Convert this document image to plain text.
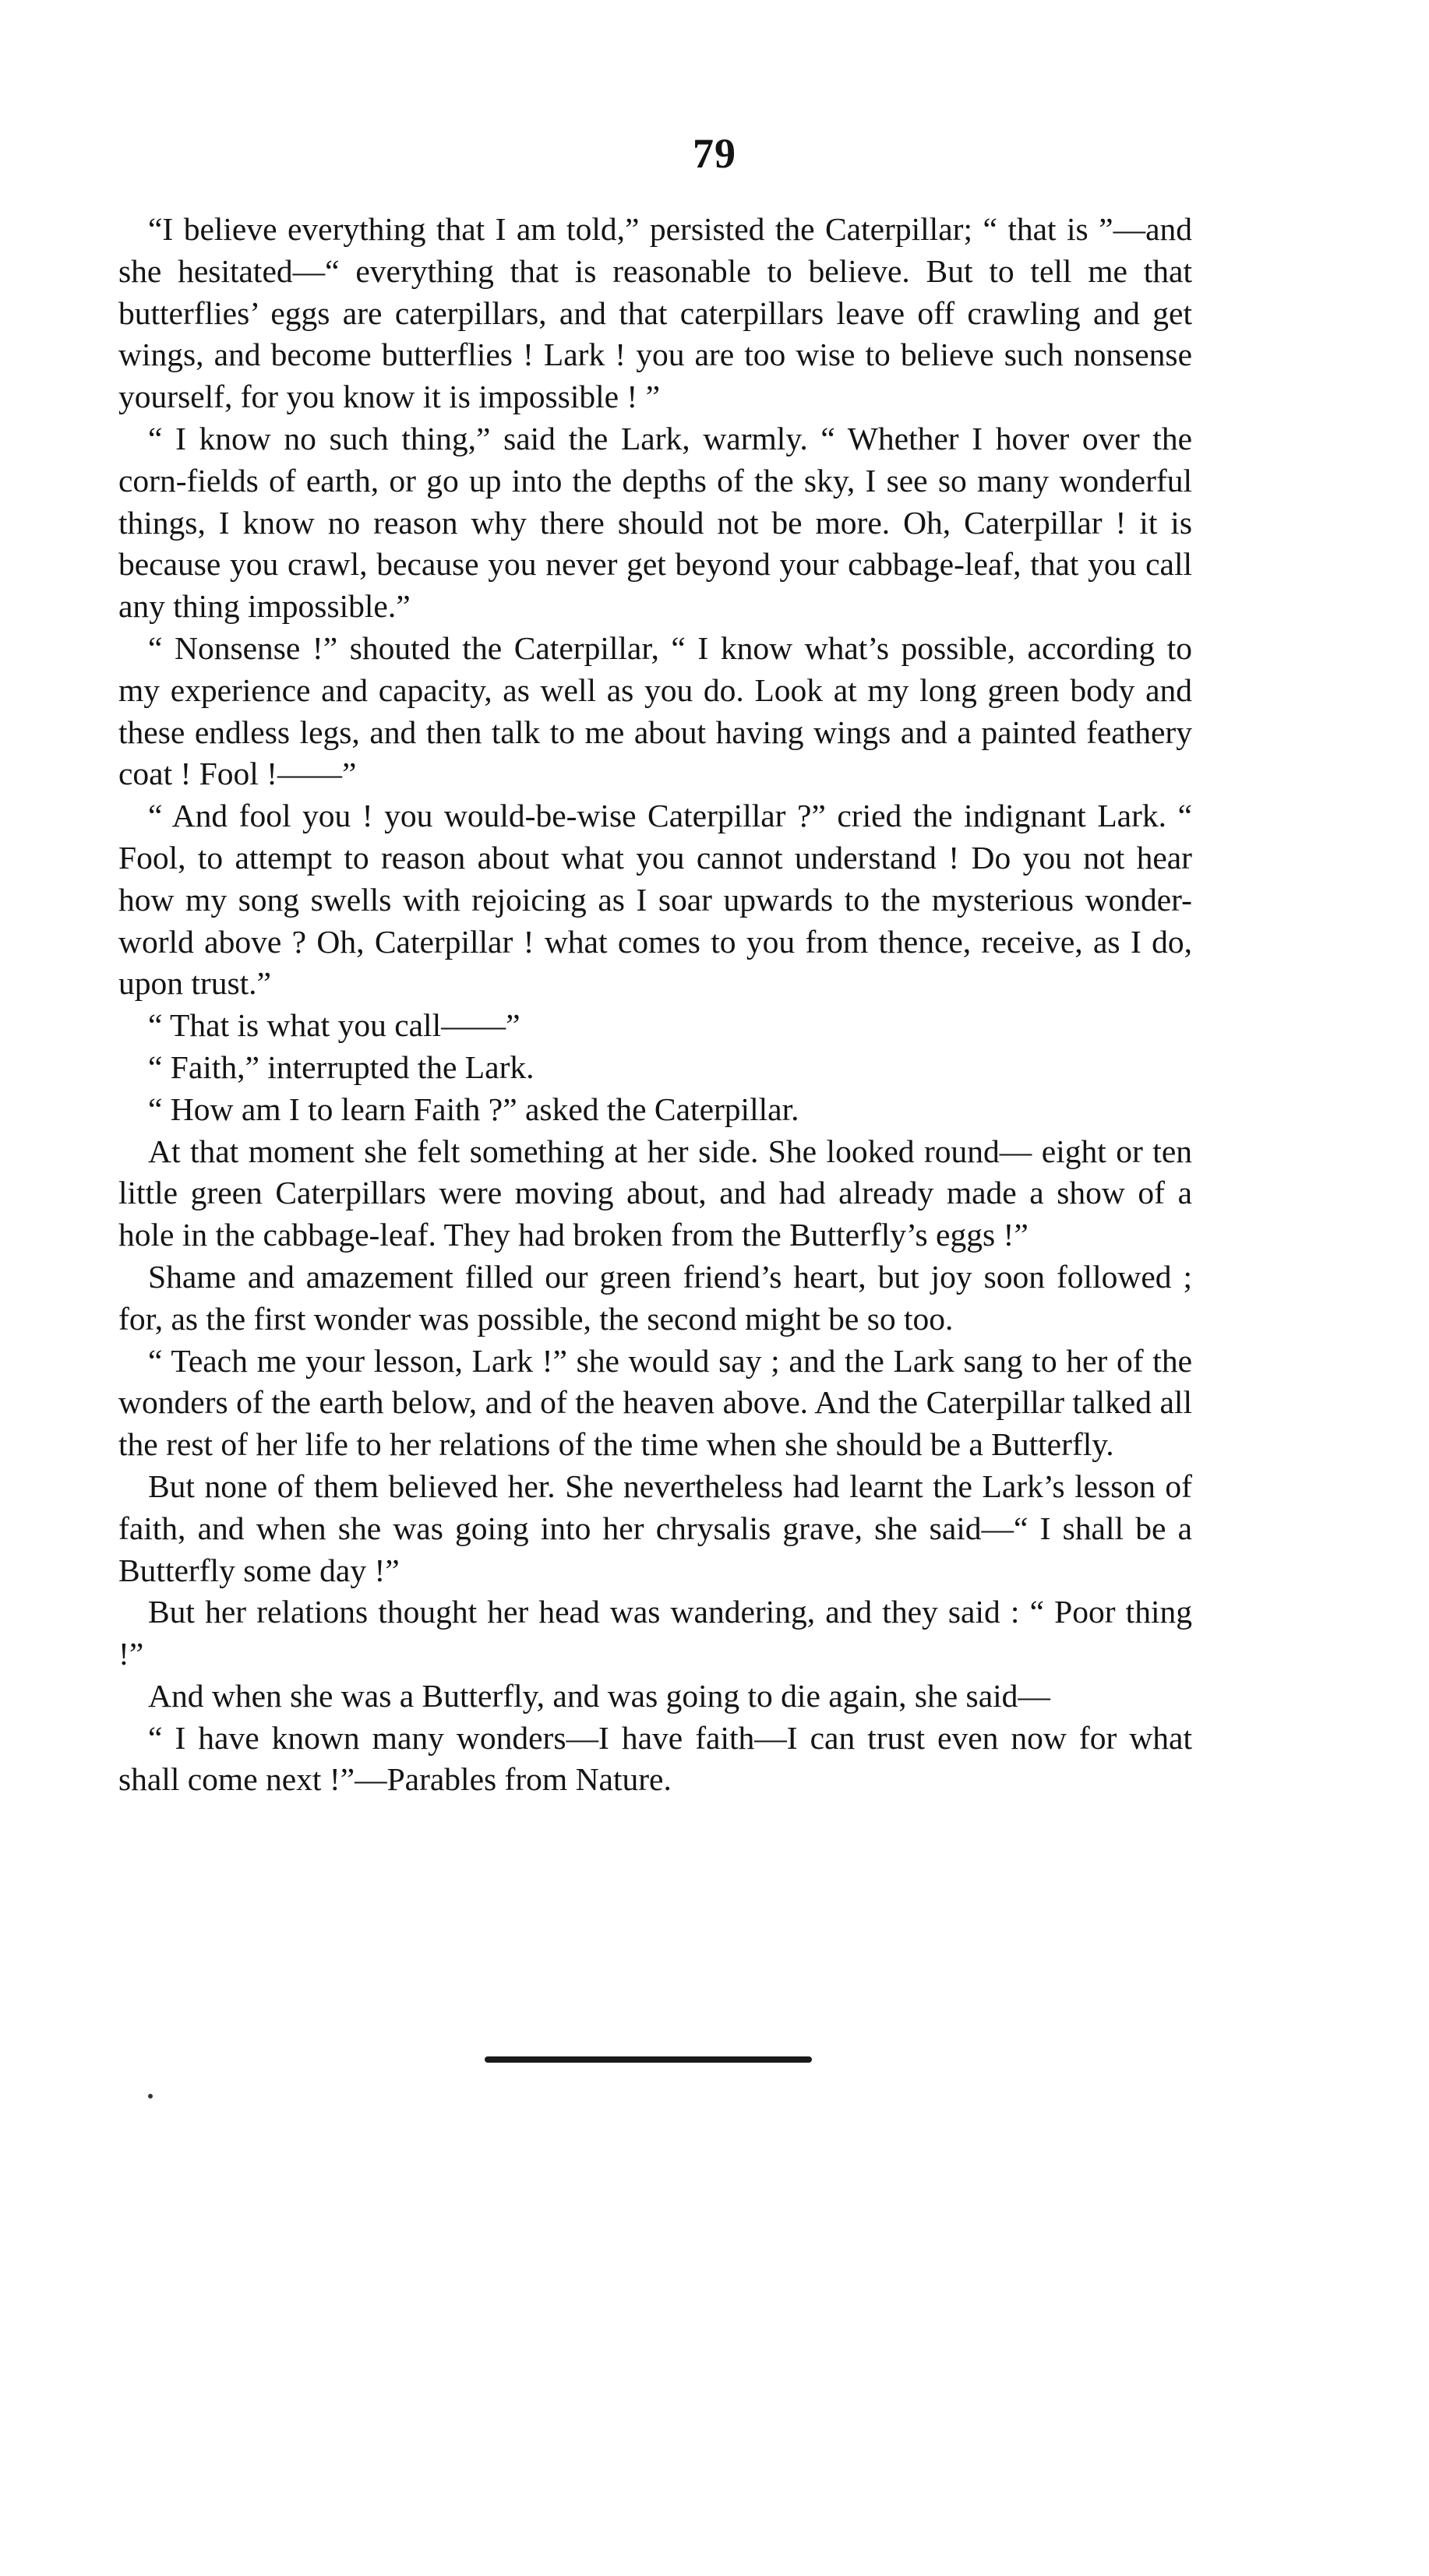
79

“I believe everything that I am told,” persisted the Caterpillar; “ that is ”—and she hesitated—“ everything that is reasonable to believe. But to tell me that butterflies’ eggs are caterpillars, and that caterpillars leave off crawling and get wings, and become butterflies ! Lark ! you are too wise to believe such nonsense yourself, for you know it is impossible ! ”

“ I know no such thing,” said the Lark, warmly. “ Whether I hover over the corn-fields of earth, or go up into the depths of the sky, I see so many wonderful things, I know no reason why there should not be more. Oh, Caterpillar ! it is because you crawl, because you never get beyond your cabbage-leaf, that you call any thing impossible.”

“ Nonsense !” shouted the Caterpillar, “ I know what’s possible, according to my experience and capacity, as well as you do. Look at my long green body and these endless legs, and then talk to me about having wings and a painted feathery coat ! Fool !——”

“ And fool you ! you would-be-wise Caterpillar ?” cried the indignant Lark. “ Fool, to attempt to reason about what you cannot understand ! Do you not hear how my song swells with rejoicing as I soar upwards to the mysterious wonder-world above ? Oh, Caterpillar ! what comes to you from thence, receive, as I do, upon trust.”

“ That is what you call——”

“ Faith,” interrupted the Lark.

“ How am I to learn Faith ?” asked the Caterpillar.

At that moment she felt something at her side. She looked round— eight or ten little green Caterpillars were moving about, and had already made a show of a hole in the cabbage-leaf. They had broken from the Butterfly’s eggs !”

Shame and amazement filled our green friend’s heart, but joy soon followed ; for, as the first wonder was possible, the second might be so too.

“ Teach me your lesson, Lark !” she would say ; and the Lark sang to her of the wonders of the earth below, and of the heaven above. And the Caterpillar talked all the rest of her life to her relations of the time when she should be a Butterfly.

But none of them believed her. She nevertheless had learnt the Lark’s lesson of faith, and when she was going into her chrysalis grave, she said—“ I shall be a Butterfly some day !”

But her relations thought her head was wandering, and they said : “ Poor thing !”

And when she was a Butterfly, and was going to die again, she said—

“ I have known many wonders—I have faith—I can trust even now for what shall come next !”—Parables from Nature.
